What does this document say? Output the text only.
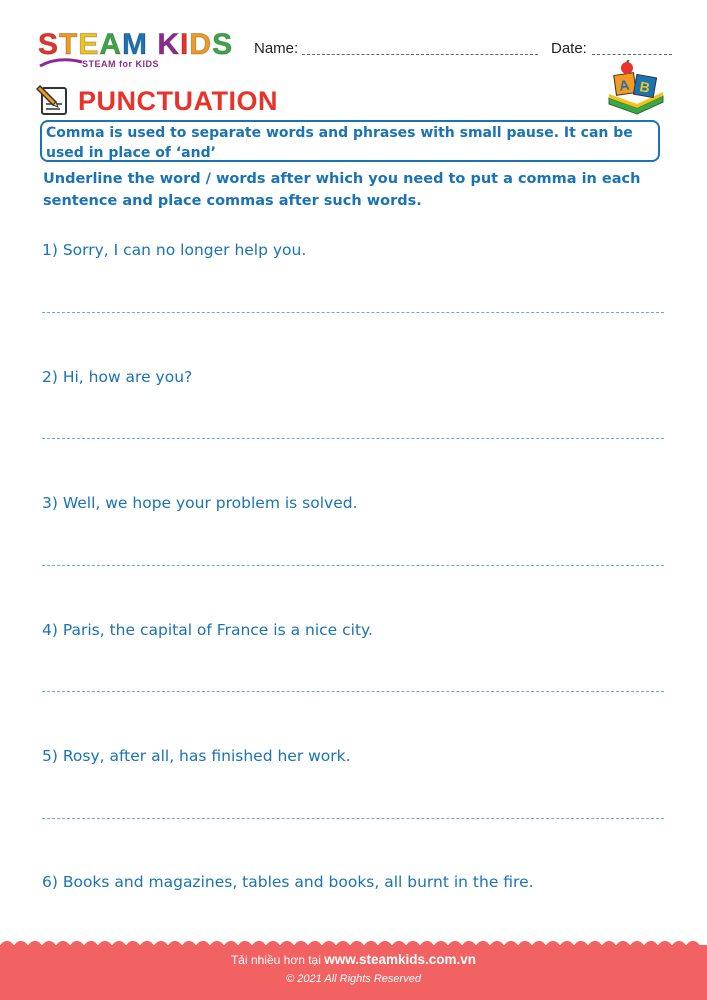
STEAM KIDS
STEAM for KIDS
Name:	Date:
PUNCTUATION
A B
Comma is used to separate words and phrases with small pause. It can be used in place of ‘and’
Underline the word / words after which you need to put a comma in each sentence and place commas after such words.
1) Sorry, I can no longer help you.
2) Hi, how are you?
3) Well, we hope your problem is solved.
4) Paris, the capital of France is a nice city.
5) Rosy, after all, has finished her work.
6) Books and magazines, tables and books, all burnt in the fire.
Tải nhiều hơn tại www.steamkids.com.vn
© 2021 All Rights Reserved
